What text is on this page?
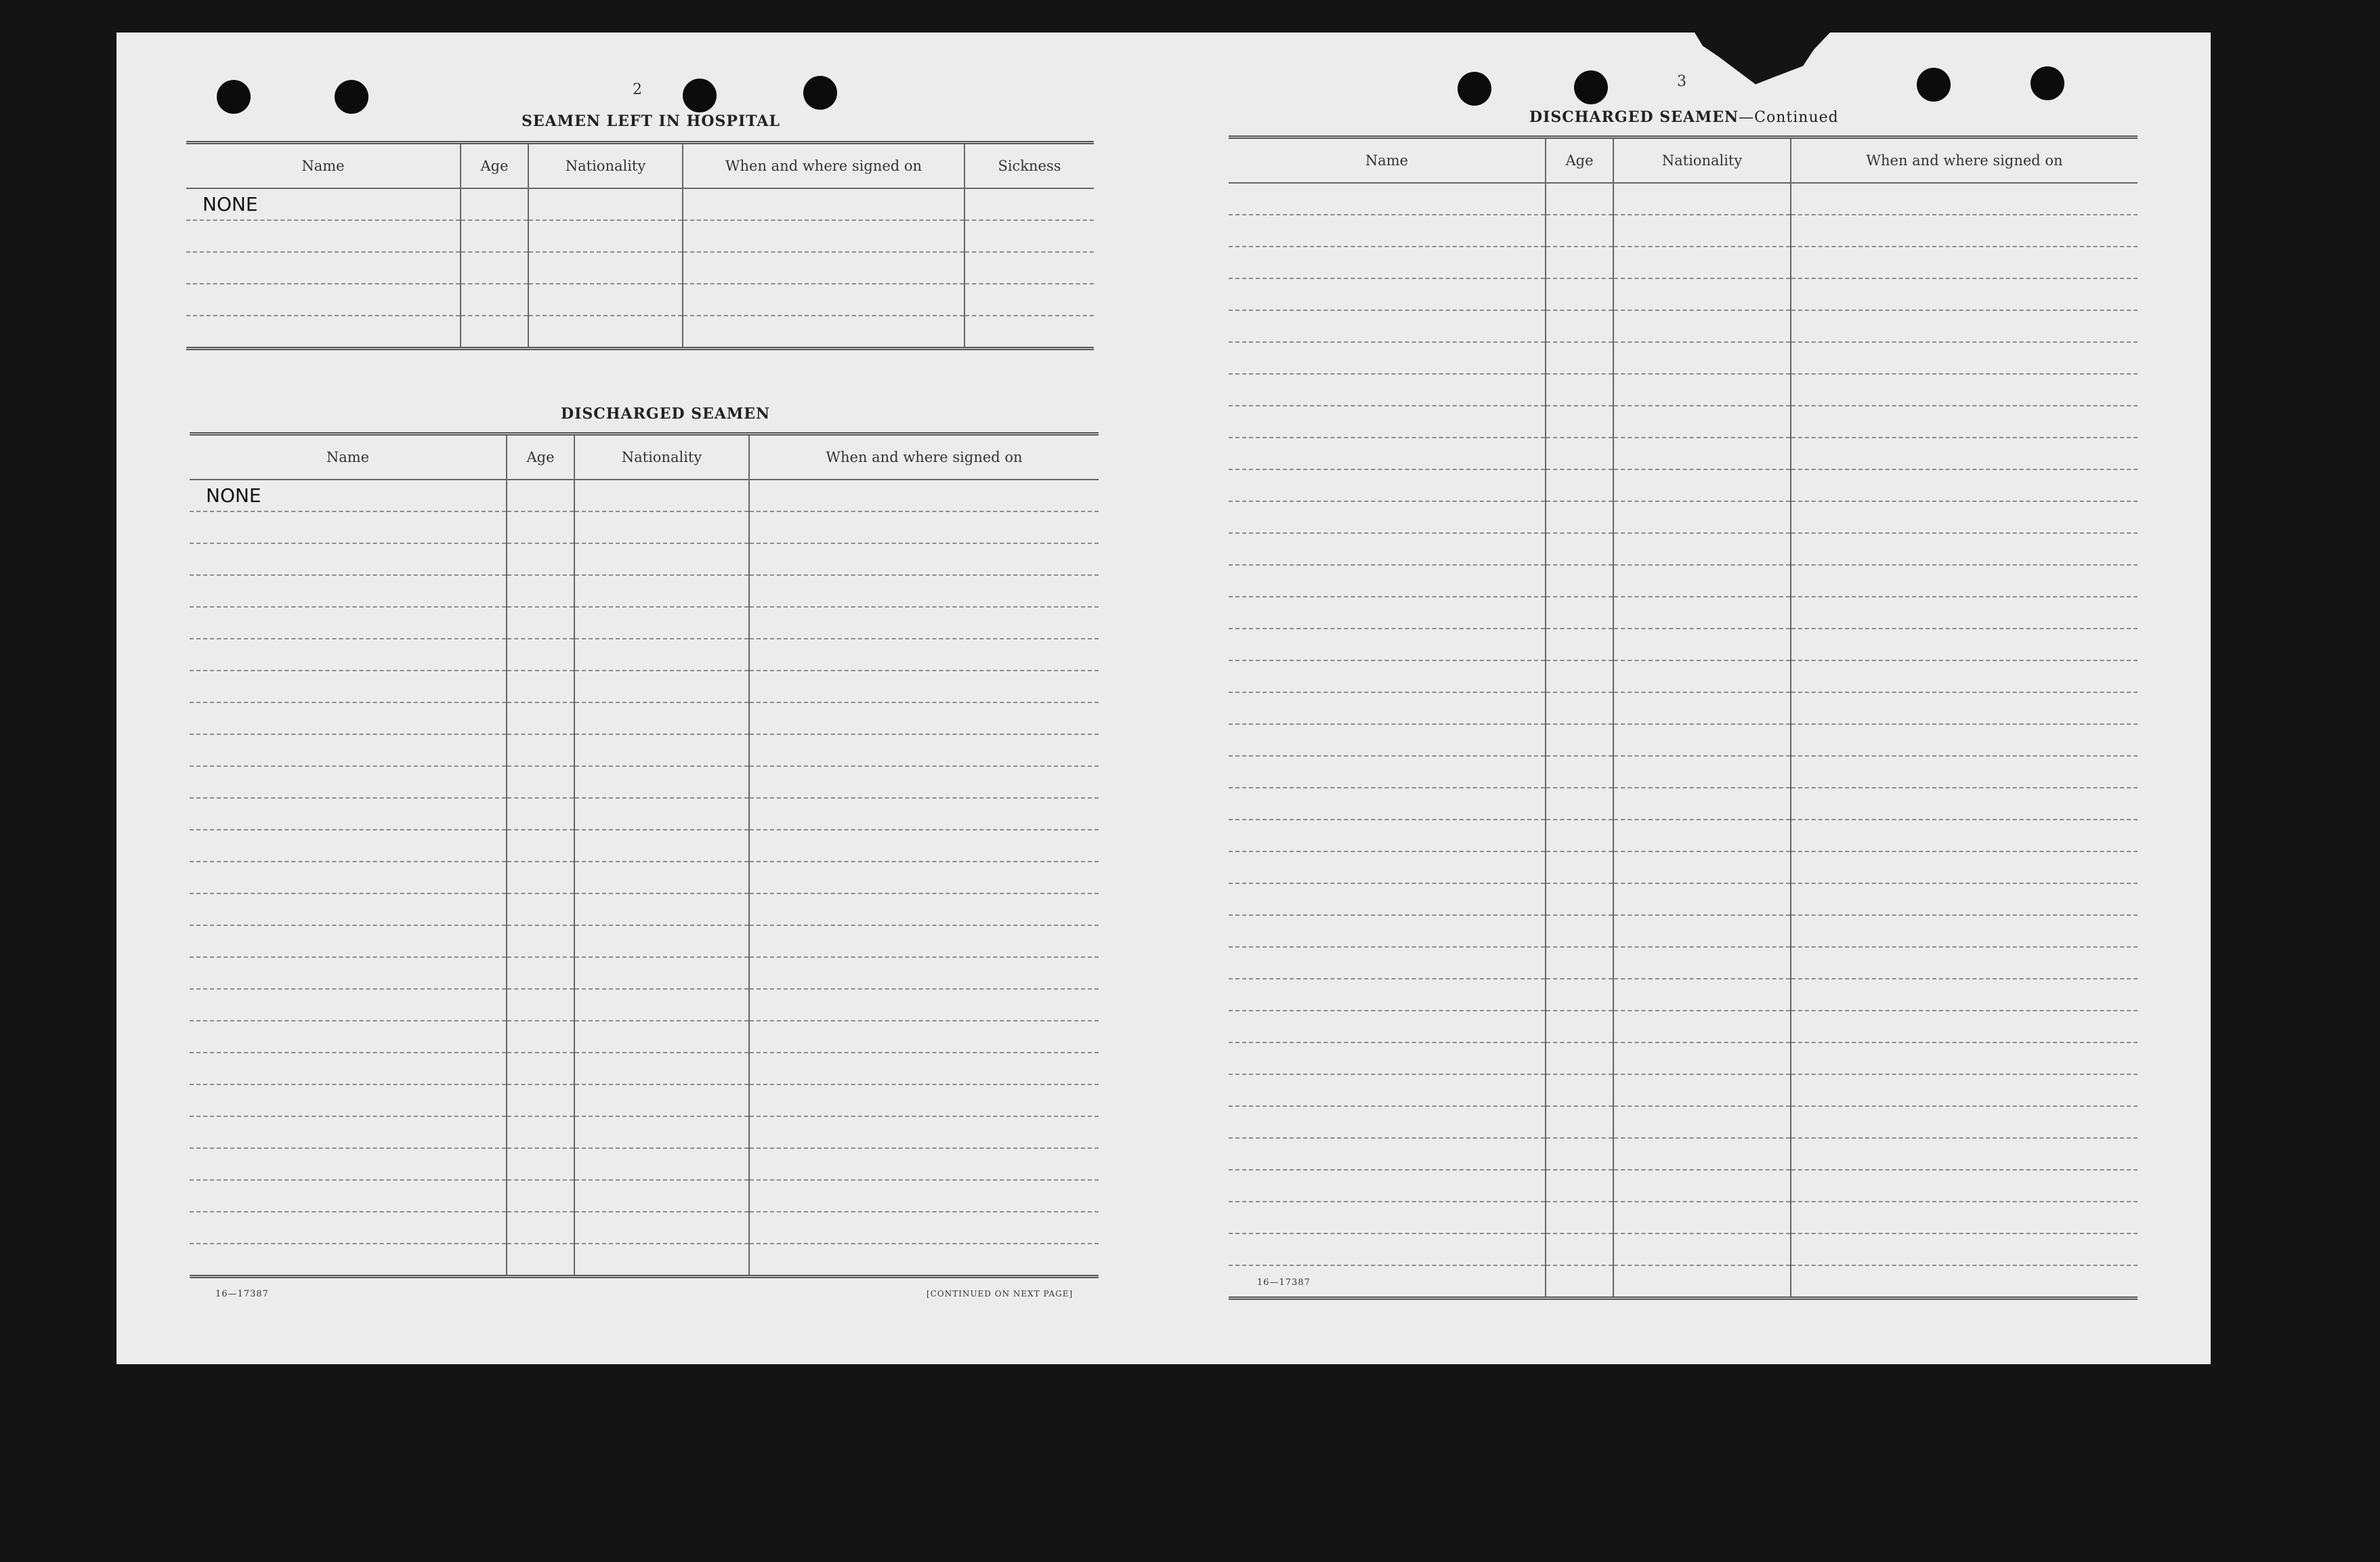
2
SEAMEN LEFT IN HOSPITAL
Name	Age	Nationality	When and where signed on	Sickness
NONE				

DISCHARGED SEAMEN
Name	Age	Nationality	When and where signed on
NONE			

16—17387	[CONTINUED ON NEXT PAGE]
3
DISCHARGED SEAMEN—Continued
Name	Age	Nationality	When and where signed on

16—17387
